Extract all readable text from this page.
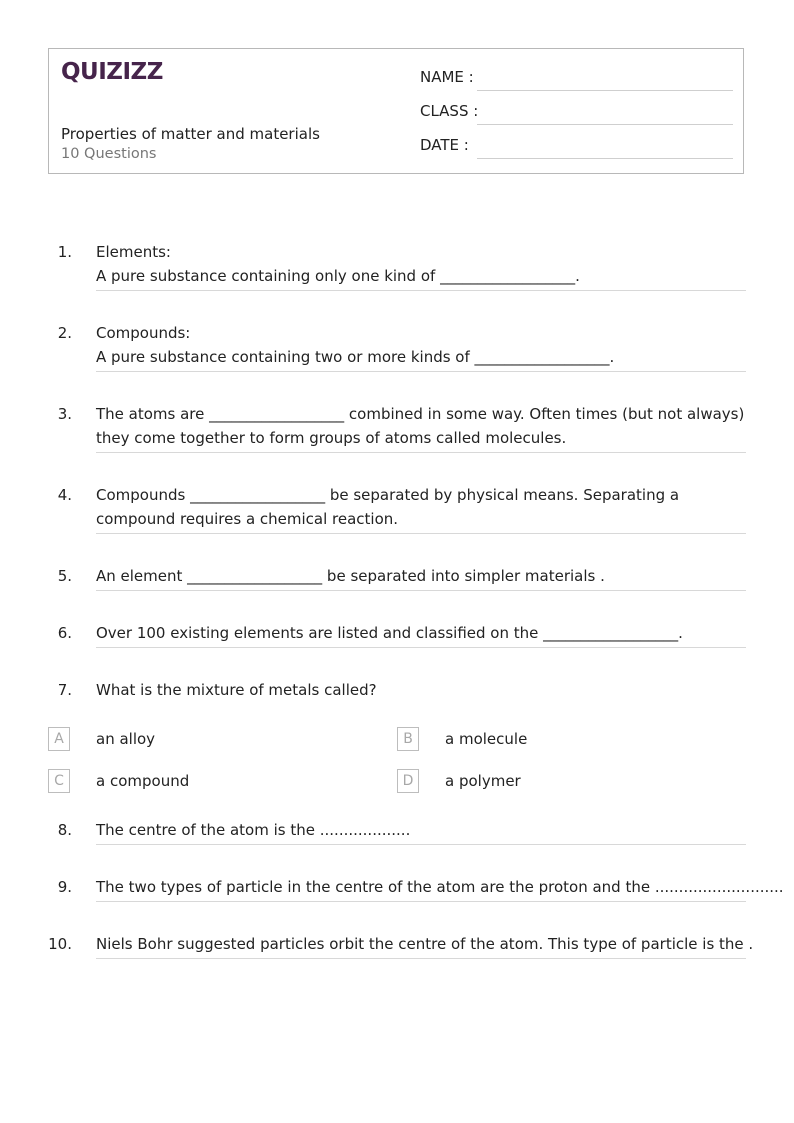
QUIZIZZ
Properties of matter and materials
10 Questions
NAME :
CLASS :
DATE :
1. Elements:
A pure substance containing only one kind of __________________.
2. Compounds:
A pure substance containing two or more kinds of __________________.
3. The atoms are __________________ combined in some way. Often times (but not always)
they come together to form groups of atoms called molecules.
4. Compounds __________________ be separated by physical means. Separating a
compound requires a chemical reaction.
5. An element __________________ be separated into simpler materials .
6. Over 100 existing elements are listed and classified on the __________________.
7. What is the mixture of metals called?
A	an alloy	B	a molecule
C	a compound	D	a polymer
8. The centre of the atom is the ...................
9. The two types of particle in the centre of the atom are the proton and the ...........................
10. Niels Bohr suggested particles orbit the centre of the atom. This type of particle is the .
